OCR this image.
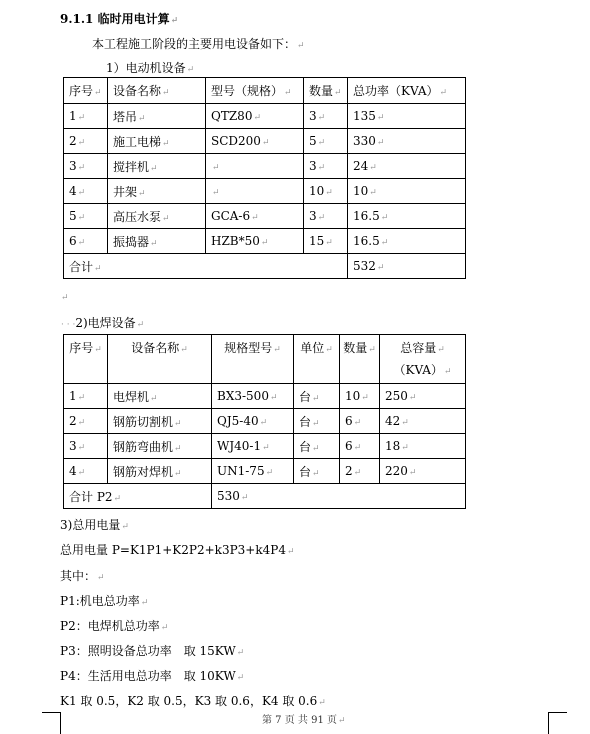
9.1.1 临时用电计算↵
本工程施工阶段的主要用电设备如下：↵
1）电动机设备↵
序号↵	设备名称↵	型号（规格）↵	数量↵	总功率（KVA）↵
1↵	塔吊↵	QTZ80↵	3↵	135↵
2↵	施工电梯↵	SCD200↵	5↵	330↵
3↵	搅拌机↵	↵	3↵	24↵
4↵	井架↵	↵	10↵	10↵
5↵	高压水泵↵	GCA-6↵	3↵	16.5↵
6↵	振捣器↵	HZB*50↵	15↵	16.5↵
合计↵				532↵
↵
· · ·2)电焊设备↵
序号↵	设备名称↵	规格型号↵	单位↵	数量↵	总容量↵
（KVA）↵

1↵	电焊机↵	BX3-500↵	台↵	10↵	250↵
2↵	钢筋切割机↵	QJ5-40↵	台↵	6↵	42↵
3↵	钢筋弯曲机↵	WJ40-1↵	台↵	6↵	18↵
4↵	钢筋对焊机↵	UN1-75↵	台↵	2↵	220↵
合计 P2↵		530↵			
3)总用电量↵
总用电量 P=K1P1+K2P2+k3P3+k4P4↵
其中：↵
P1:机电总功率↵
P2：电焊机总功率↵
P3：照明设备总功率　取 15KW↵
P4：生活用电总功率　取 10KW↵
K1 取 0.5，K2 取 0.5，K3 取 0.6，K4 取 0.6↵
第 7 页 共 91 页↵
